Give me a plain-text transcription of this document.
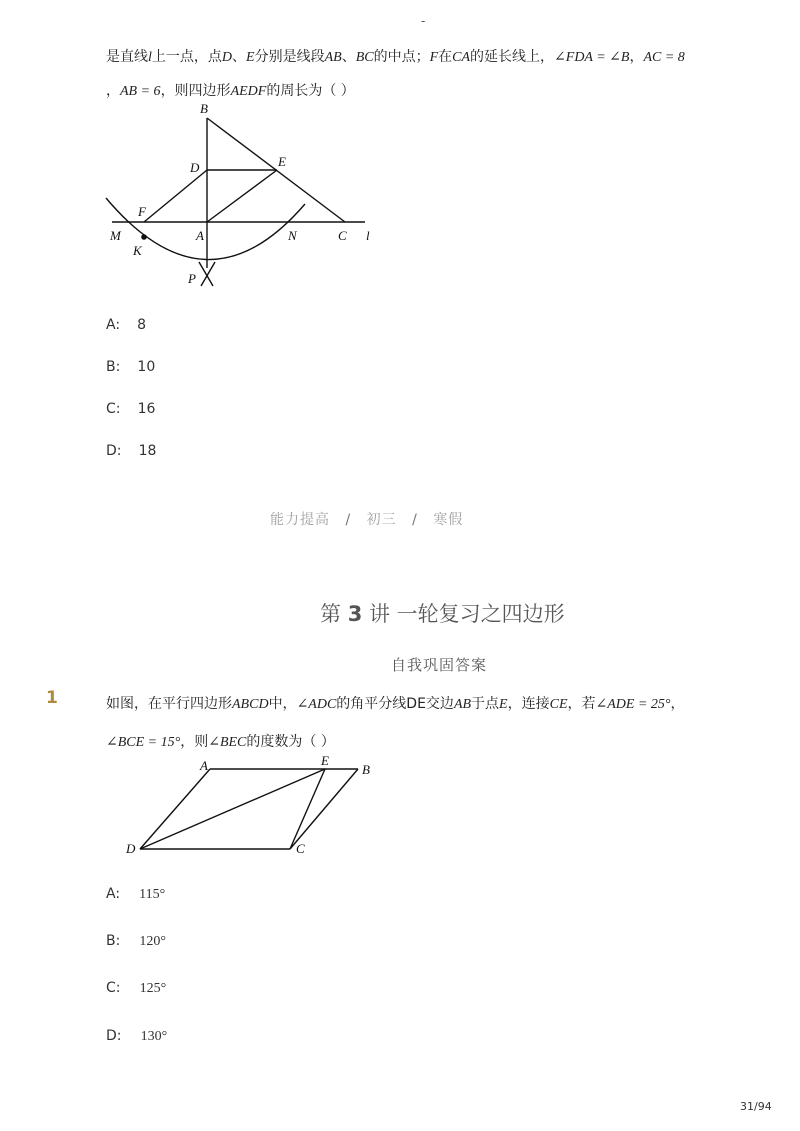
-
是直线l上一点，点D、E分别是线段AB、BC的中点；F在CA的延长线上，∠FDA = ∠B，AC = 8
，AB = 6，则四边形AEDF的周长为（ ）
B
D	E
F
M	A	N	C l
K
P
A: 8
B: 10
C: 16
D: 18
能力提高 / 初三 / 寒假
第 3 讲 一轮复习之四边形
自我巩固答案
1	如图，在平行四边形ABCD中，∠ADC的角平分线DE交边AB于点E，连接CE，若∠ADE = 25°，
∠BCE = 15°，则∠BEC的度数为（ ）
A	E
B
D	C
A: 115°
B: 120°
C: 125°
D: 130°
31/94
